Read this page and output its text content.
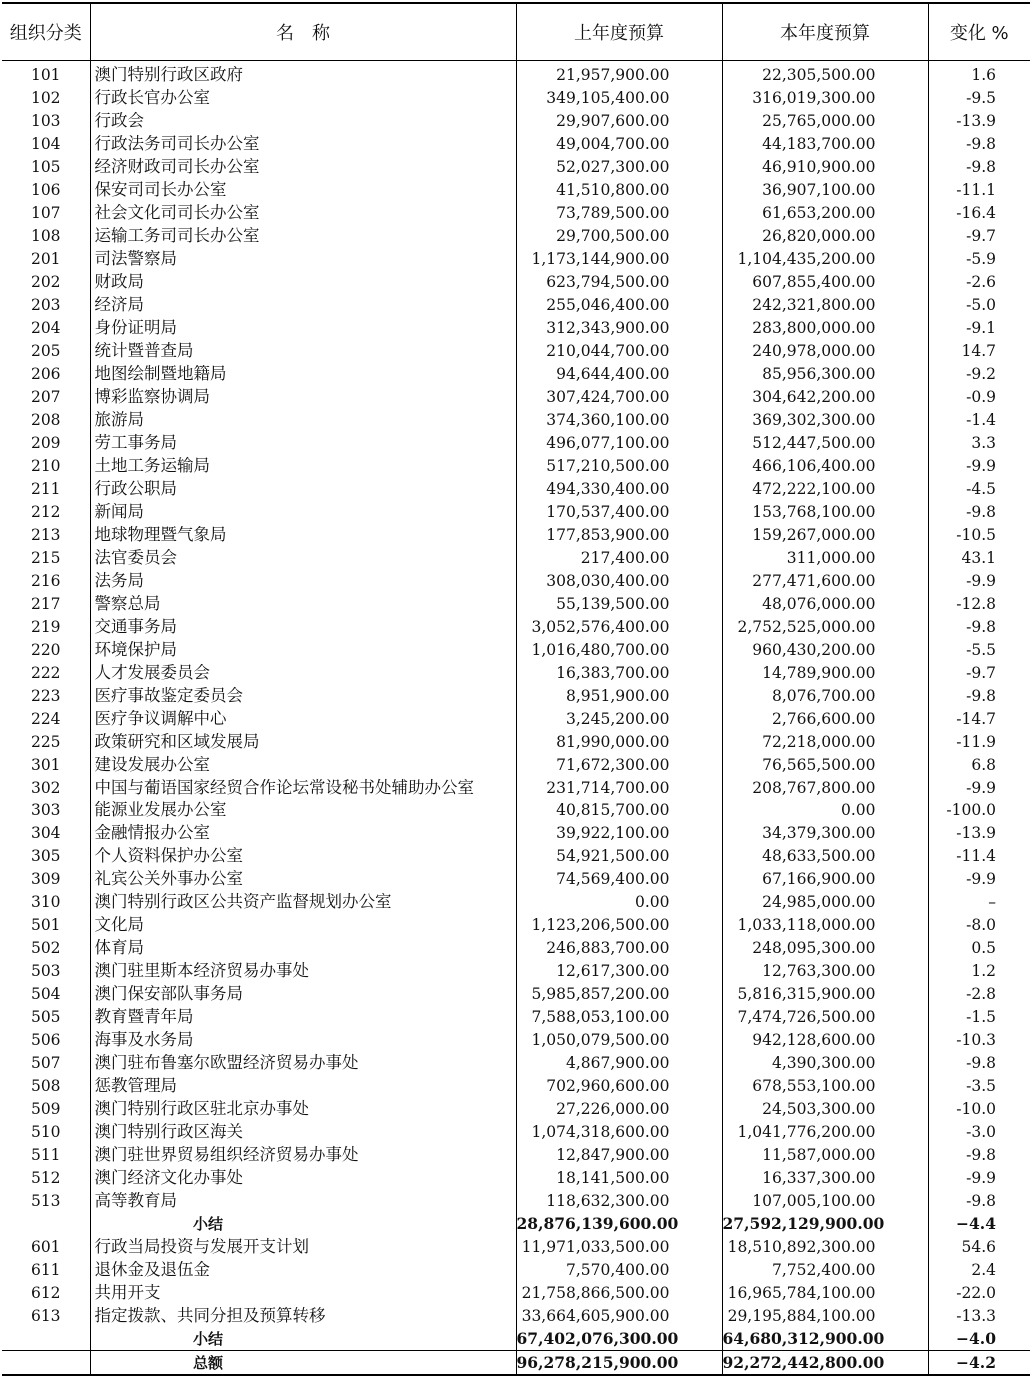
组织分类	名　称	上年度预算	本年度预算	变化 %
101	澳门特别行政区政府	21,957,900.00	22,305,500.00	1.6
102	行政长官办公室	349,105,400.00	316,019,300.00	-9.5
103	行政会	29,907,600.00	25,765,000.00	-13.9
104	行政法务司司长办公室	49,004,700.00	44,183,700.00	-9.8
105	经济财政司司长办公室	52,027,300.00	46,910,900.00	-9.8
106	保安司司长办公室	41,510,800.00	36,907,100.00	-11.1
107	社会文化司司长办公室	73,789,500.00	61,653,200.00	-16.4
108	运输工务司司长办公室	29,700,500.00	26,820,000.00	-9.7
201	司法警察局	1,173,144,900.00	1,104,435,200.00	-5.9
202	财政局	623,794,500.00	607,855,400.00	-2.6
203	经济局	255,046,400.00	242,321,800.00	-5.0
204	身份证明局	312,343,900.00	283,800,000.00	-9.1
205	统计暨普查局	210,044,700.00	240,978,000.00	14.7
206	地图绘制暨地籍局	94,644,400.00	85,956,300.00	-9.2
207	博彩监察协调局	307,424,700.00	304,642,200.00	-0.9
208	旅游局	374,360,100.00	369,302,300.00	-1.4
209	劳工事务局	496,077,100.00	512,447,500.00	3.3
210	土地工务运输局	517,210,500.00	466,106,400.00	-9.9
211	行政公职局	494,330,400.00	472,222,100.00	-4.5
212	新闻局	170,537,400.00	153,768,100.00	-9.8
213	地球物理暨气象局	177,853,900.00	159,267,000.00	-10.5
215	法官委员会	217,400.00	311,000.00	43.1
216	法务局	308,030,400.00	277,471,600.00	-9.9
217	警察总局	55,139,500.00	48,076,000.00	-12.8
219	交通事务局	3,052,576,400.00	2,752,525,000.00	-9.8
220	环境保护局	1,016,480,700.00	960,430,200.00	-5.5
222	人才发展委员会	16,383,700.00	14,789,900.00	-9.7
223	医疗事故鉴定委员会	8,951,900.00	8,076,700.00	-9.8
224	医疗争议调解中心	3,245,200.00	2,766,600.00	-14.7
225	政策研究和区域发展局	81,990,000.00	72,218,000.00	-11.9
301	建设发展办公室	71,672,300.00	76,565,500.00	6.8
302	中国与葡语国家经贸合作论坛常设秘书处辅助办公室	231,714,700.00	208,767,800.00	-9.9
303	能源业发展办公室	40,815,700.00	0.00	-100.0
304	金融情报办公室	39,922,100.00	34,379,300.00	-13.9
305	个人资料保护办公室	54,921,500.00	48,633,500.00	-11.4
309	礼宾公关外事办公室	74,569,400.00	67,166,900.00	-9.9
310	澳门特别行政区公共资产监督规划办公室	0.00	24,985,000.00	–
501	文化局	1,123,206,500.00	1,033,118,000.00	-8.0
502	体育局	246,883,700.00	248,095,300.00	0.5
503	澳门驻里斯本经济贸易办事处	12,617,300.00	12,763,300.00	1.2
504	澳门保安部队事务局	5,985,857,200.00	5,816,315,900.00	-2.8
505	教育暨青年局	7,588,053,100.00	7,474,726,500.00	-1.5
506	海事及水务局	1,050,079,500.00	942,128,600.00	-10.3
507	澳门驻布鲁塞尔欧盟经济贸易办事处	4,867,900.00	4,390,300.00	-9.8
508	惩教管理局	702,960,600.00	678,553,100.00	-3.5
509	澳门特别行政区驻北京办事处	27,226,000.00	24,503,300.00	-10.0
510	澳门特别行政区海关	1,074,318,600.00	1,041,776,200.00	-3.0
511	澳门驻世界贸易组织经济贸易办事处	12,847,900.00	11,587,000.00	-9.8
512	澳门经济文化办事处	18,141,500.00	16,337,300.00	-9.9
513	高等教育局	118,632,300.00	107,005,100.00	-9.8
	小结	28,876,139,600.00	27,592,129,900.00	−4.4
601	行政当局投资与发展开支计划	11,971,033,500.00	18,510,892,300.00	54.6
611	退休金及退伍金	7,570,400.00	7,752,400.00	2.4
612	共用开支	21,758,866,500.00	16,965,784,100.00	-22.0
613	指定拨款、共同分担及预算转移	33,664,605,900.00	29,195,884,100.00	-13.3
	小结	67,402,076,300.00	64,680,312,900.00	−4.0
	总额	96,278,215,900.00	92,272,442,800.00	−4.2
